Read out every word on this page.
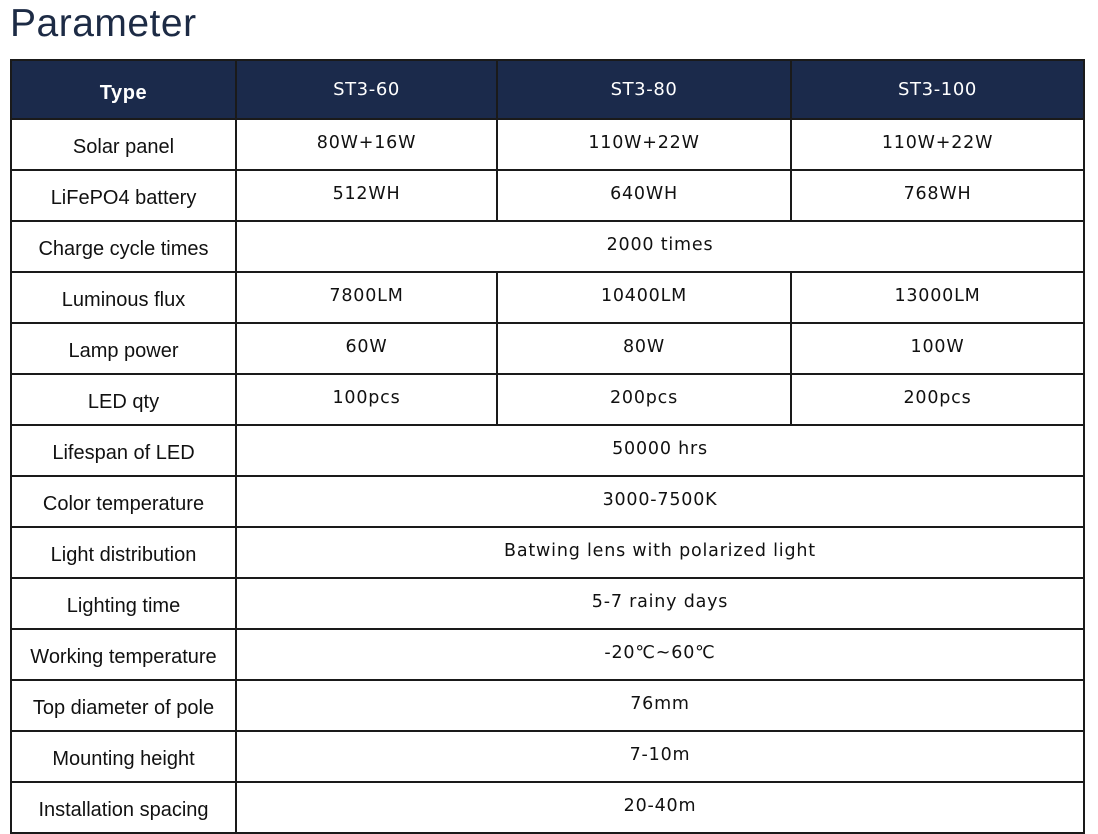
Parameter
Type	ST3-60	ST3-80	ST3-100
Solar panel	80W+16W	110W+22W	110W+22W
LiFePO4 battery	512WH	640WH	768WH
Charge cycle times	2000 times		
Luminous flux	7800LM	10400LM	13000LM
Lamp power	60W	80W	100W
LED qty	100pcs	200pcs	200pcs
Lifespan of LED	50000 hrs		
Color temperature	3000-7500K		
Light distribution	Batwing lens with polarized light		
Lighting time	5-7 rainy days		
Working temperature	-20℃~60℃		
Top diameter of pole	76mm		
Mounting height	7-10m		
Installation spacing	20-40m		
